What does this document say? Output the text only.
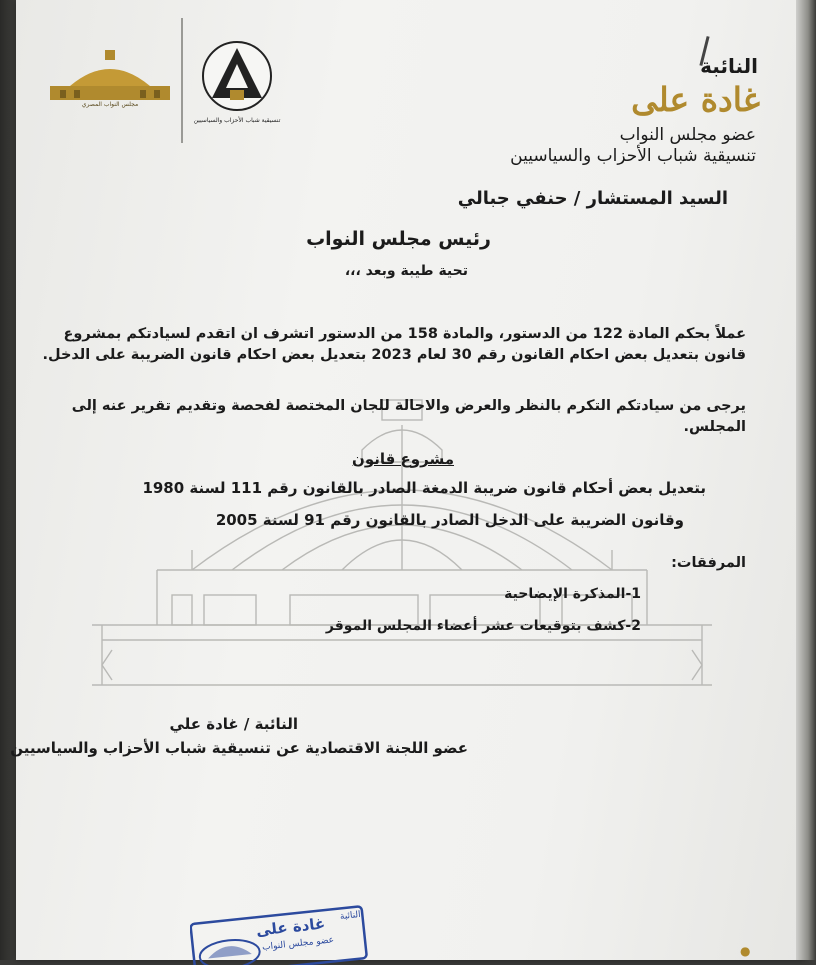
مجلس النواب المصري
تنسيقية شباب الأحزاب والسياسيين
النائبة
غادة على
عضو مجلس النواب
تنسيقية شباب الأحزاب والسياسيين
السيد المستشار / حنفي جبالي
رئيس مجلس النواب
تحية طيبة وبعد ،،،
عملاً بحكم المادة 122 من الدستور، والمادة 158 من الدستور اتشرف ان اتقدم لسيادتكم بمشروع
قانون بتعديل بعض احكام القانون رقم 30 لعام 2023 بتعديل بعض احكام قانون الضريبة على الدخل.
يرجى من سيادتكم التكرم بالنظر والعرض والاحالة للجان المختصة لفحصة وتقديم تقرير عنه إلى
المجلس.
مشروع قانون
بتعديل بعض أحكام قانون ضريبة الدمغة الصادر بالقانون رقم 111 لسنة 1980
وقانون الضريبة على الدخل الصادر بالقانون رقم 91 لسنة 2005
المرفقات:
1-المذكرة الإيضاحية
2-كشف بتوقيعات عشر أعضاء المجلس الموقر
النائبة / غادة علي
عضو اللجنة الاقتصادية عن تنسيقية شباب الأحزاب والسياسيين
غادة على
عضو مجلس النواب
النائبة
●
